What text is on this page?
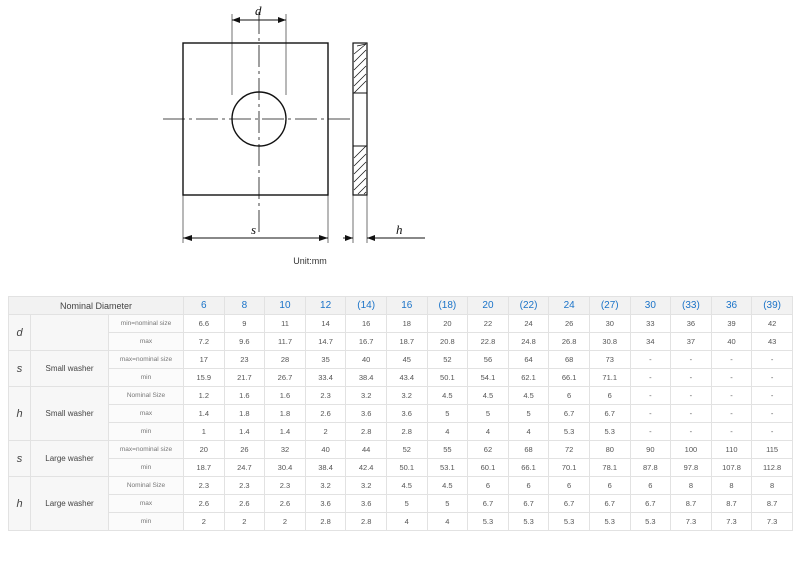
d
s	h
Unit:mm
Nominal Diameter			6	8	10	12	(14)	16	(18)	20	(22)	24	(27)	30	(33)	36	(39)
d		min=nominal size	6.6	9	11	14	16	18	20	22	24	26	30	33	36	39	42
		max	7.2	9.6	11.7	14.7	16.7	18.7	20.8	22.8	24.8	26.8	30.8	34	37	40	43
s	Small washer	max=nominal size	17	23	28	35	40	45	52	56	64	68	73	-	-	-	-
		min	15.9	21.7	26.7	33.4	38.4	43.4	50.1	54.1	62.1	66.1	71.1	-	-	-	-
h	Small washer	Nominal Size	1.2	1.6	1.6	2.3	3.2	3.2	4.5	4.5	4.5	6	6	-	-	-	-
		max	1.4	1.8	1.8	2.6	3.6	3.6	5	5	5	6.7	6.7	-	-	-	-
		min	1	1.4	1.4	2	2.8	2.8	4	4	4	5.3	5.3	-	-	-	-
s	Large washer	max=nominal size	20	26	32	40	44	52	55	62	68	72	80	90	100	110	115
		min	18.7	24.7	30.4	38.4	42.4	50.1	53.1	60.1	66.1	70.1	78.1	87.8	97.8	107.8	112.8
h	Large washer	Nominal Size	2.3	2.3	2.3	3.2	3.2	4.5	4.5	6	6	6	6	6	8	8	8
		max	2.6	2.6	2.6	3.6	3.6	5	5	6.7	6.7	6.7	6.7	6.7	8.7	8.7	8.7
		min	2	2	2	2.8	2.8	4	4	5.3	5.3	5.3	5.3	5.3	7.3	7.3	7.3
